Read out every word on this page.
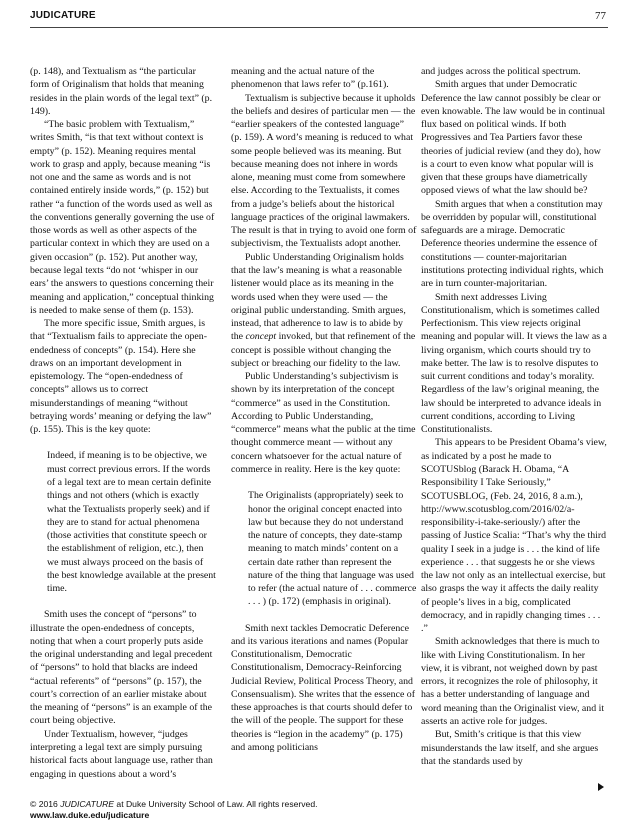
JUDICATURE	77

(p. 148), and Textualism as “the particular form of Originalism that holds that meaning resides in the plain words of the legal text” (p. 149).

“The basic problem with Textualism,” writes Smith, “is that text without context is empty” (p. 152). Meaning requires mental work to grasp and apply, because meaning “is not one and the same as words and is not contained entirely inside words,” (p. 152) but rather “a function of the words used as well as the conventions generally governing the use of those words as well as other aspects of the particular context in which they are used on a given occasion” (p. 152). Put another way, because legal texts “do not ‘whisper in our ears’ the answers to questions concerning their meaning and application,” conceptual thinking is needed to make sense of them (p. 153).

The more specific issue, Smith argues, is that “Textualism fails to appreciate the open-endedness of concepts” (p. 154). Here she draws on an important development in epistemology. The “open-endedness of concepts” allows us to correct misunderstandings of meaning “without betraying words’ meaning or defying the law” (p. 155). This is the key quote:

Indeed, if meaning is to be objective, we must correct previous errors. If the words of a legal text are to mean certain definite things and not others (which is exactly what the Textualists properly seek) and if they are to stand for actual phenomena (those activities that constitute speech or the establishment of religion, etc.), then we must always proceed on the basis of the best knowledge available at the present time.

Smith uses the concept of “persons” to illustrate the open-endedness of concepts, noting that when a court properly puts aside the original understanding and legal precedent of “persons” to hold that blacks are indeed “actual referents” of “persons” (p. 157), the court’s correction of an earlier mistake about the meaning of “persons” is an example of the court being objective.

Under Textualism, however, “judges interpreting a legal text are simply pursuing historical facts about language use, rather than engaging in questions about a word’s

meaning and the actual nature of the phenomenon that laws refer to” (p.161).

Textualism is subjective because it upholds the beliefs and desires of particular men — the “earlier speakers of the contested language” (p. 159). A word’s meaning is reduced to what some people believed was its meaning. But because meaning does not inhere in words alone, meaning must come from somewhere else. According to the Textualists, it comes from a judge’s beliefs about the historical language practices of the original lawmakers. The result is that in trying to avoid one form of subjectivism, the Textualists adopt another.

Public Understanding Originalism holds that the law’s meaning is what a reasonable listener would place as its meaning in the words used when they were used — the original public understanding. Smith argues, instead, that adherence to law is to abide by the concept invoked, but that refinement of the concept is possible without changing the subject or breaching our fidelity to the law.

Public Understanding’s subjectivism is shown by its interpretation of the concept “commerce” as used in the Constitution. According to Public Understanding, “commerce” means what the public at the time thought commerce meant — without any concern whatsoever for the actual nature of commerce in reality. Here is the key quote:

The Originalists (appropriately) seek to honor the original concept enacted into law but because they do not understand the nature of concepts, they date-stamp meaning to match minds’ content on a certain date rather than represent the nature of the thing that language was used to refer (the actual nature of . . . commerce . . . ) (p. 172) (emphasis in original).

Smith next tackles Democratic Deference and its various iterations and names (Popular Constitutionalism, Democratic Constitutionalism, Democracy-Reinforcing Judicial Review, Political Process Theory, and Consensualism). She writes that the essence of these approaches is that courts should defer to the will of the people. The support for these theories is “legion in the academy” (p. 175) and among politicians

and judges across the political spectrum.

Smith argues that under Democratic Deference the law cannot possibly be clear or even knowable. The law would be in continual flux based on political winds. If both Progressives and Tea Partiers favor these theories of judicial review (and they do), how is a court to even know what popular will is given that these groups have diametrically opposed views of what the law should be?

Smith argues that when a constitution may be overridden by popular will, constitutional safeguards are a mirage. Democratic Deference theories undermine the essence of constitutions — counter-majoritarian institutions protecting individual rights, which are in turn counter-majoritarian.

Smith next addresses Living Constitutionalism, which is sometimes called Perfectionism. This view rejects original meaning and popular will. It views the law as a living organism, which courts should try to make better. The law is to resolve disputes to suit current conditions and today’s morality. Regardless of the law’s original meaning, the law should be interpreted to advance ideals in current conditions, according to Living Constitutionalists.

This appears to be President Obama’s view, as indicated by a post he made to SCOTUSblog (Barack H. Obama, “A Responsibility I Take Seriously,” SCOTUSBLOG, (Feb. 24, 2016, 8 a.m.), http://www.scotusblog.com/2016/02/a-responsibility-i-take-seriously/) after the passing of Justice Scalia: “That’s why the third quality I seek in a judge is . . . the kind of life experience . . . that suggests he or she views the law not only as an intellectual exercise, but also grasps the way it affects the daily reality of people’s lives in a big, complicated democracy, and in rapidly changing times . . . .”

Smith acknowledges that there is much to like with Living Constitutionalism. In her view, it is vibrant, not weighed down by past errors, it recognizes the role of philosophy, it has a better understanding of language and word meaning than the Originalist view, and it asserts an active role for judges.

But, Smith’s critique is that this view misunderstands the law itself, and she argues that the standards used by

© 2016 JUDICATURE at Duke University School of Law. All rights reserved.
www.law.duke.edu/judicature
